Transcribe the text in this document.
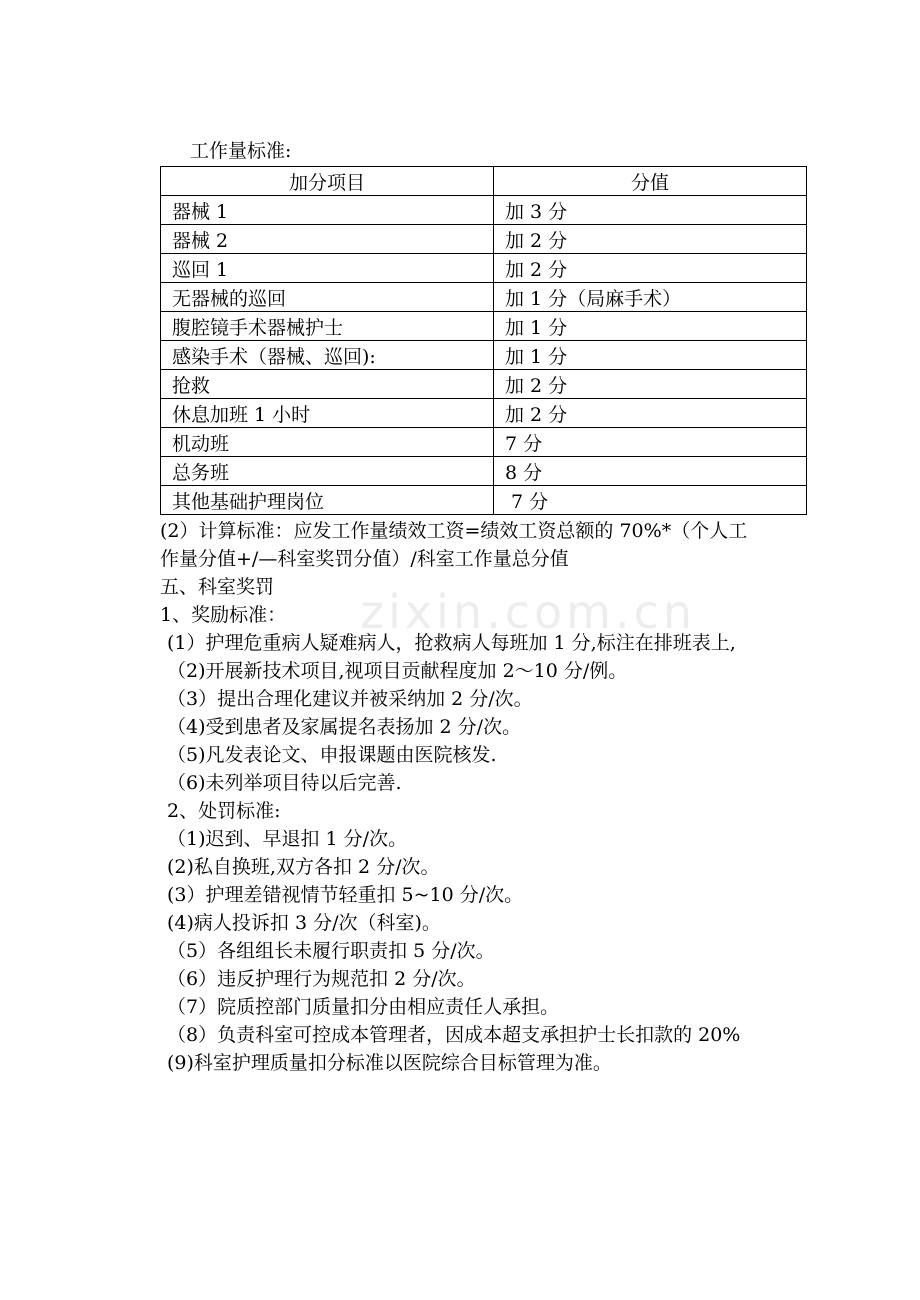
zixin.com.cn
工作量标准:
加分项目	分值
器械 1	加 3 分
器械 2	加 2 分
巡回 1	加 2 分
无器械的巡回	加 1 分（局麻手术）
腹腔镜手术器械护士	加 1 分
感染手术（器械、巡回):	加 1 分
抢救	加 2 分
休息加班 1 小时	加 2 分
机动班	7 分
总务班	8 分
其他基础护理岗位	7 分
(2）计算标准：应发工作量绩效工资=绩效工资总额的 70%*（个人工
作量分值+/—科室奖罚分值）/科室工作量总分值
五、科室奖罚
1、奖励标准：
(1）护理危重病人疑难病人，抢救病人每班加 1 分,标注在排班表上,
（2)开展新技术项目,视项目贡献程度加 2～10 分/例。
（3）提出合理化建议并被采纳加 2 分/次。
（4)受到患者及家属提名表扬加 2 分/次。
（5)凡发表论文、申报课题由医院核发.
（6)未列举项目待以后完善.
2、处罚标准:
（1)迟到、早退扣 1 分/次。
(2)私自换班,双方各扣 2 分/次。
(3）护理差错视情节轻重扣 5~10 分/次。
(4)病人投诉扣 3 分/次（科室)。
（5）各组组长未履行职责扣 5 分/次。
（6）违反护理行为规范扣 2 分/次。
（7）院质控部门质量扣分由相应责任人承担。
（8）负责科室可控成本管理者，因成本超支承担护士长扣款的 20%
(9)科室护理质量扣分标准以医院综合目标管理为准。
